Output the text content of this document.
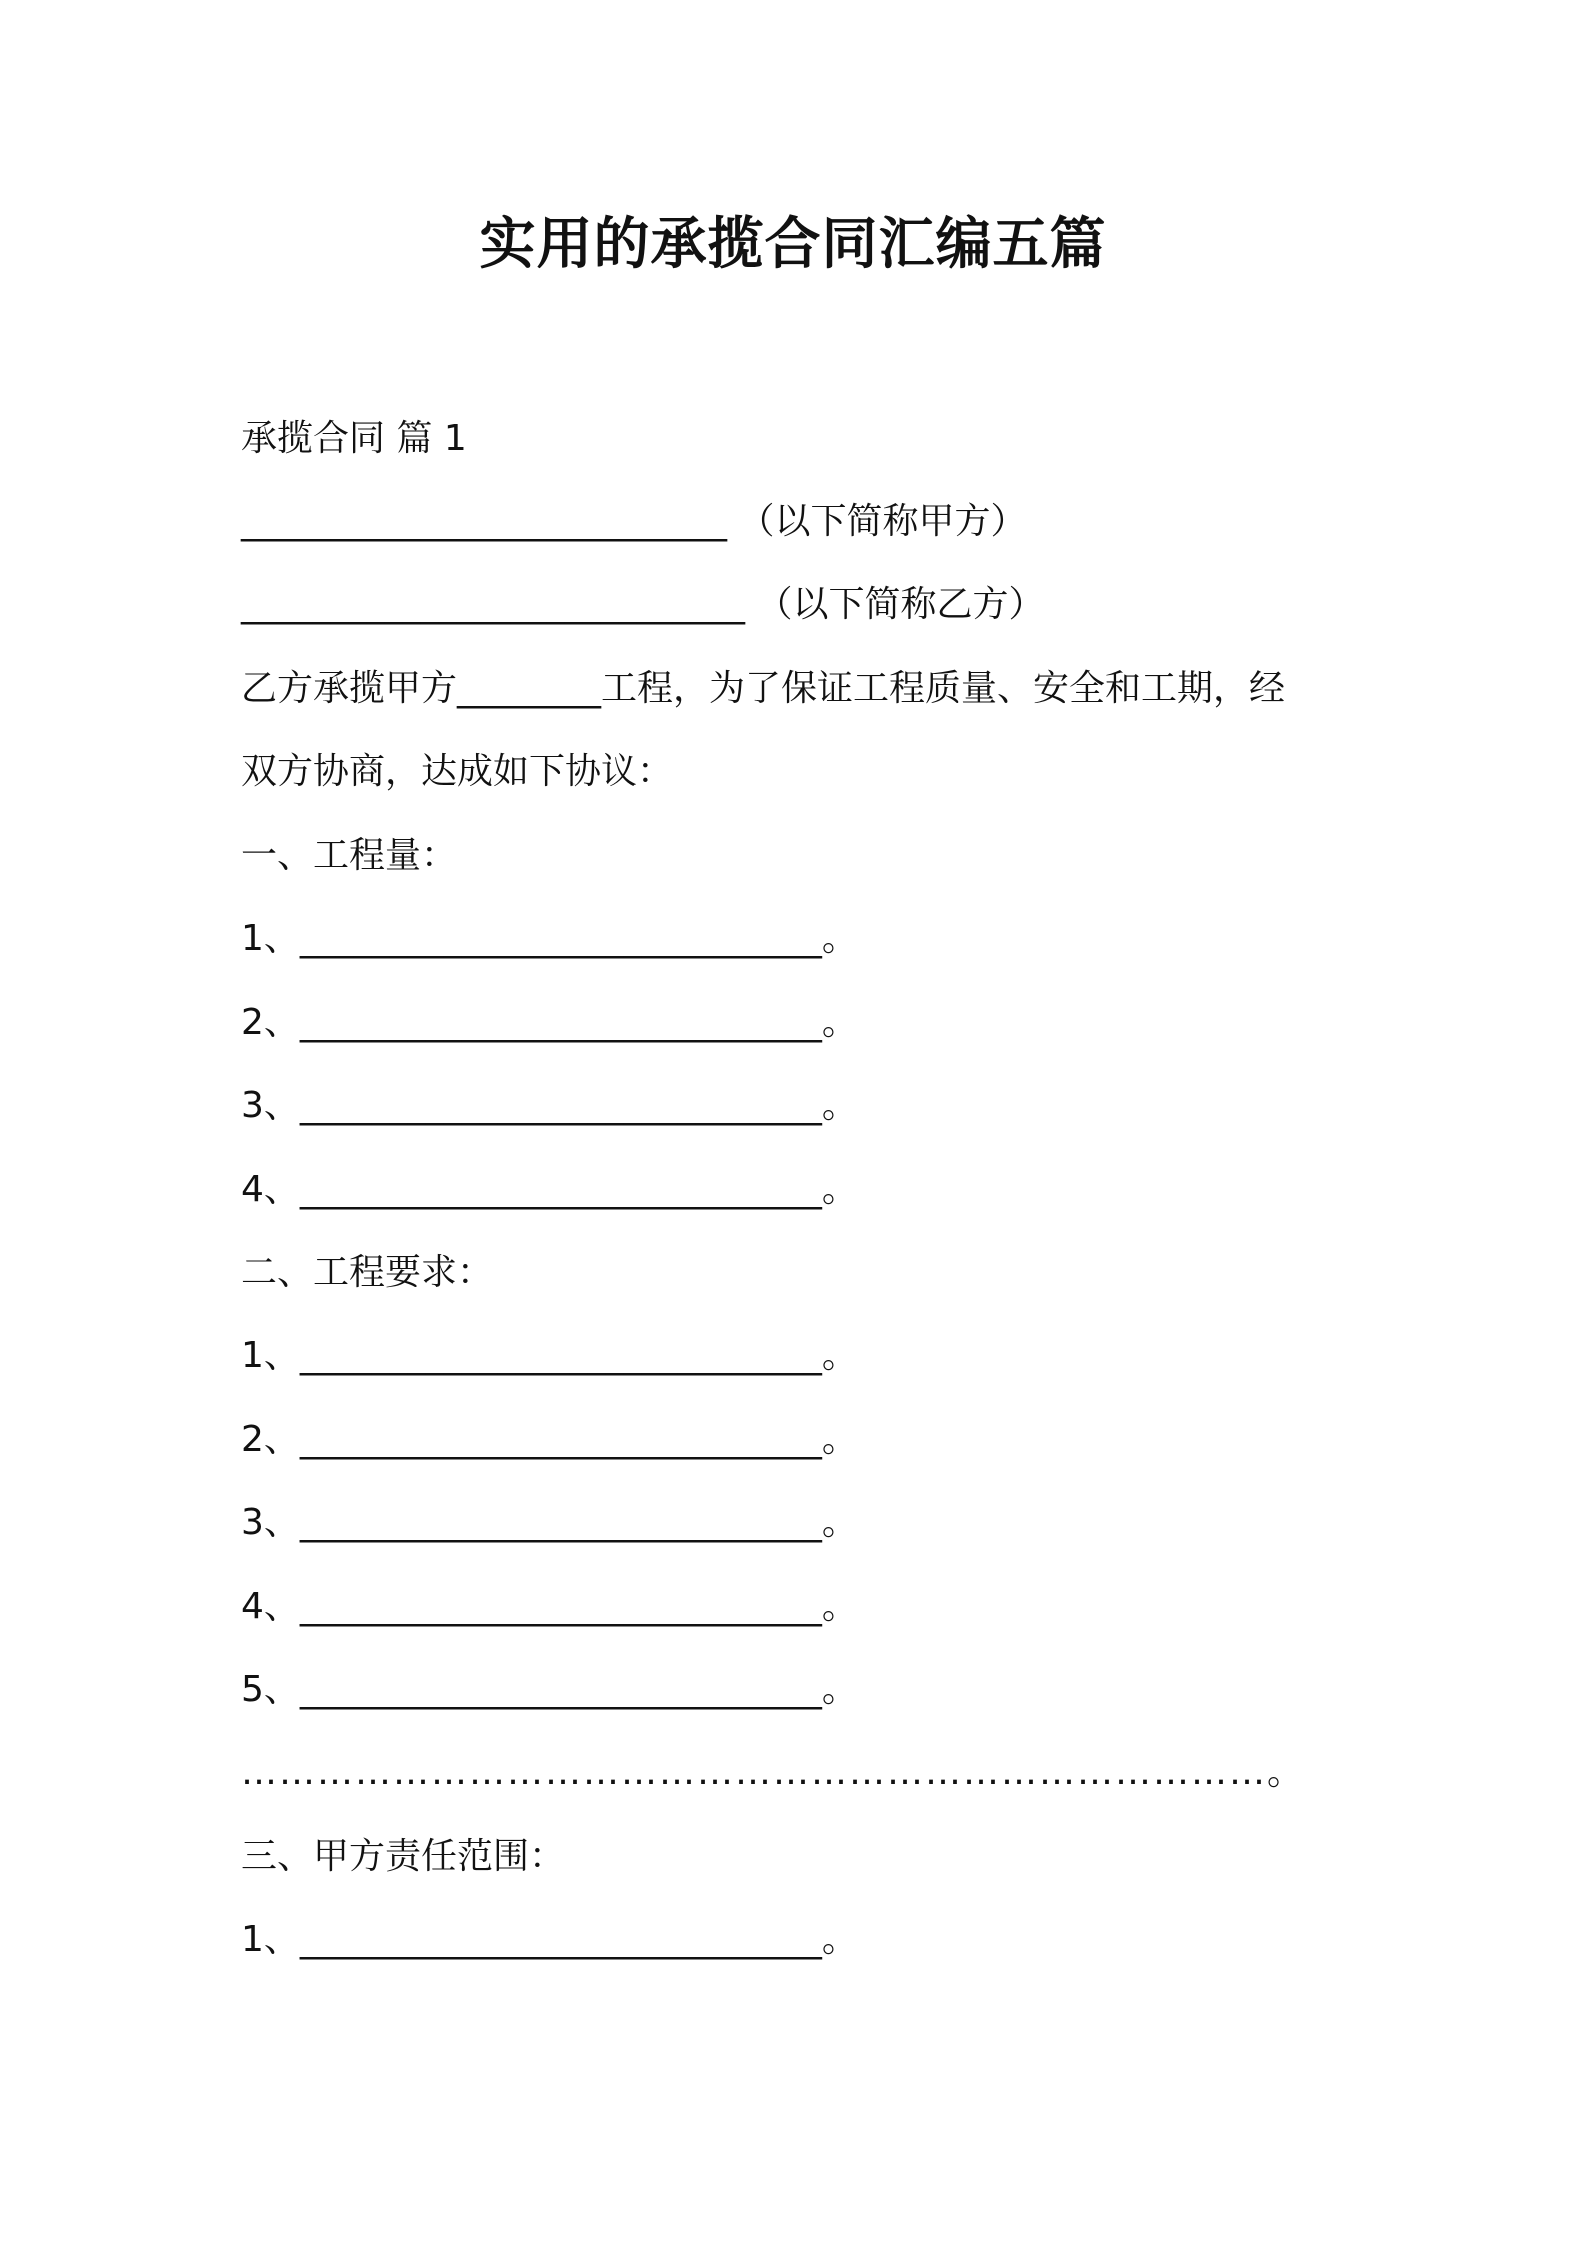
实用的承揽合同汇编五篇
承揽合同 篇 1
___________________________ （以下简称甲方）
____________________________ （以下简称乙方）
乙方承揽甲方________工程，为了保证工程质量、安全和工期，经
双方协商，达成如下协议：
一、工程量：
1、_____________________________。
2、_____________________________。
3、_____________________________。
4、_____________________________。
二、工程要求：
1、_____________________________。
2、_____________________________。
3、_____________________________。
4、_____________________________。
5、_____________________________。
………………………………………………………………………。
三、甲方责任范围：
1、_____________________________。
